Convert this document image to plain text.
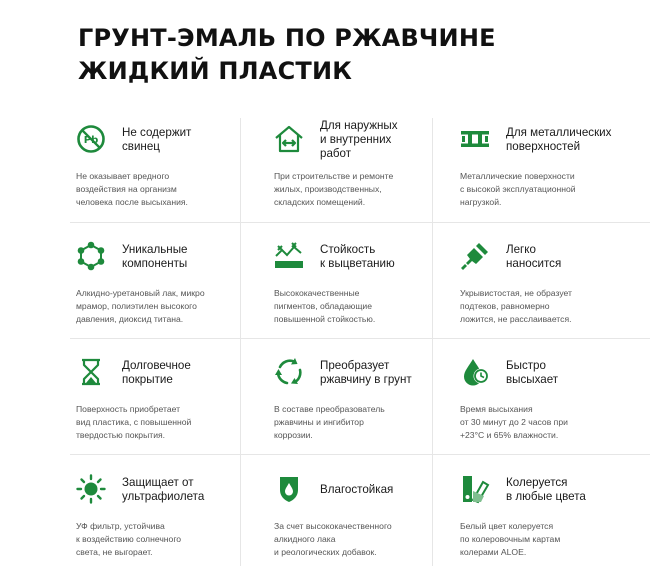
ГРУНТ-ЭМАЛЬ ПО РЖАВЧИНЕ
ЖИДКИЙ ПЛАСТИК
Pb
Не содержит
свинец
Не оказывает вредного
воздействия на организм
человека после высыхания.
Для наружных
и внутренних
работ
При строительстве и ремонте
жилых, производственных,
складских помещений.
Для металлических
поверхностей
Металлические поверхности
с высокой эксплуатационной
нагрузкой.
Уникальные
компоненты
Алкидно-уретановый лак, микро
мрамор, полиэтилен высокого
давления, диоксид титана.
Стойкость
к выцветанию
Высококачественные
пигментов, обладающие
повышенной стойкостью.
Легко
наносится
Укрывистостая, не образует
подтеков, равномерно
ложится, не расслаивается.
Долговечное
покрытие
Поверхность приобретает
вид пластика, с повышенной
твердостью покрытия.
Преобразует
ржавчину в грунт
В составе преобразователь
ржавчины и ингибитор
коррозии.
Быстро
высыхает
Время высыхания
от 30 минут до 2 часов при
+23°C и 65% влажности.
Защищает от
ультрафиолета
УФ фильтр, устойчива
к воздействию солнечного
света, не выгорает.
Влагостойкая
За счет высококачественного
алкидного лака
и реологических добавок.
Колеруется
в любые цвета
Белый цвет колеруется
по колеровочным картам
колерами ALOE.
